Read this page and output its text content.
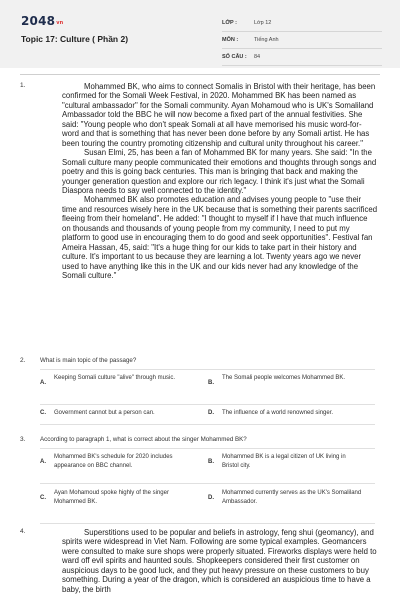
2048vn
Topic 17: Culture ( Phần 2)
LỚP :	Lớp 12
MÔN :	Tiếng Anh
SỐ CÂU :	84
1.	Mohammed BK, who aims to connect Somalis in Bristol with their heritage, has been confirmed for the Somali Week Festival, in 2020. Mohammed BK has been named as "cultural ambassador" for the Somali community. Ayan Mohamoud who is UK's Somaliland Ambassador told the BBC he will now become a fixed part of the annual festivities. She said: "Young people who don't speak Somali at all have memorised his music word-for-word and that is something that has never been done before by any Somali artist. He has been touring the country promoting citizenship and cultural unity throughout his career."

Susan Elmi, 25, has been a fan of Mohammed BK for many years. She said: "In the Somali culture many people communicated their emotions and thoughts through songs and poetry and this is going back centuries. This man is bringing that back and making the younger generation question and explore our rich legacy. I think it's just what the Somali Diaspora needs to say well connected to the identity."

Mohammed BK also promotes education and advises young people to "use their time and resources wisely here in the UK because that is something their parents sacrificed fleeing from their homeland". He added: "I thought to myself if I have that much influence on thousands and thousands of young people from my community, I need to put my platform to good use in encouraging them to do good and seek opportunities". Festival fan Ameira Hassan, 45, said: "It's a huge thing for our kids to take part in their history and culture. It's important to us because they are learning a lot. Twenty years ago we never used to have anything like this in the UK and our kids never had any knowledge of the Somali culture."

2. What is main topic of the passage?
A.
Keeping Somali culture "alive" through music.
B.
The Somali people welcomes Mohammed BK.
C. Government cannot but a person can.	D. The influence of a world renowned singer.
3. According to paragraph 1, what is correct about the singer Mohammed BK?
A.
Mohammed BK's schedule for 2020 includes appearance on BBC channel.
B.
Mohammed BK is a legal citizen of UK living in Bristol city.
C.
Ayan Mohamoud spoke highly of the singer Mohammed BK.
D.
Mohammed currently serves as the UK's Somaliland Ambassador.
4.	Superstitions used to be popular and beliefs in astrology, feng shui (geomancy), and spirits were widespread in Viet Nam. Following are some typical examples. Geomancers were consulted to make sure shops were properly situated. Fireworks displays were held to ward off evil spirits and haunted souls. Shopkeepers considered their first customer on auspicious days to be good luck, and they put heavy pressure on these customers to buy something. During a year of the dragon, which is considered an auspicious time to have a baby, the birth
